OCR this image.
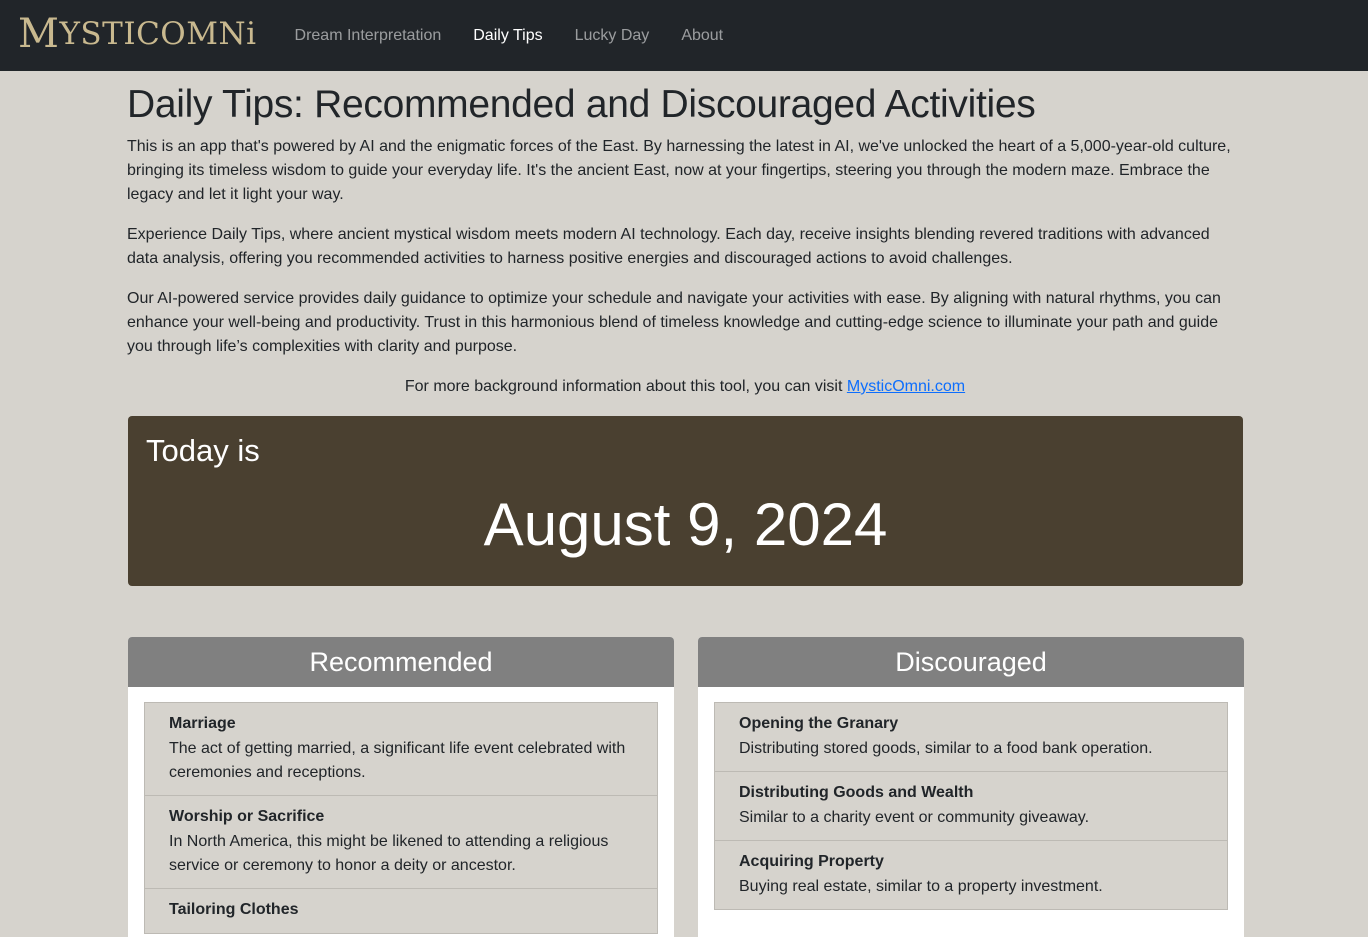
M YSTICOMN i	Dream Interpretation	Daily Tips	Lucky Day	About
Daily Tips: Recommended and Discouraged Activities

This is an app that's powered by AI and the enigmatic forces of the East. By harnessing the latest in AI, we've unlocked the heart of a 5,000-year-old culture, bringing its timeless wisdom to guide your everyday life. It's the ancient East, now at your fingertips, steering you through the modern maze. Embrace the legacy and let it light your way.

Experience Daily Tips, where ancient mystical wisdom meets modern AI technology. Each day, receive insights blending revered traditions with advanced data analysis, offering you recommended activities to harness positive energies and discouraged actions to avoid challenges.

Our AI-powered service provides daily guidance to optimize your schedule and navigate your activities with ease. By aligning with natural rhythms, you can enhance your well-being and productivity. Trust in this harmonious blend of timeless knowledge and cutting-edge science to illuminate your path and guide you through life’s complexities with clarity and purpose.

For more background information about this tool, you can visit MysticOmni.com

Today is
August 9, 2024
Recommended
Marriage
The act of getting married, a significant life event celebrated with ceremonies and receptions.
Worship or Sacrifice
In North America, this might be likened to attending a religious service or ceremony to honor a deity or ancestor.
Tailoring Clothes
Discouraged
Opening the Granary
Distributing stored goods, similar to a food bank operation.
Distributing Goods and Wealth
Similar to a charity event or community giveaway.
Acquiring Property
Buying real estate, similar to a property investment.
